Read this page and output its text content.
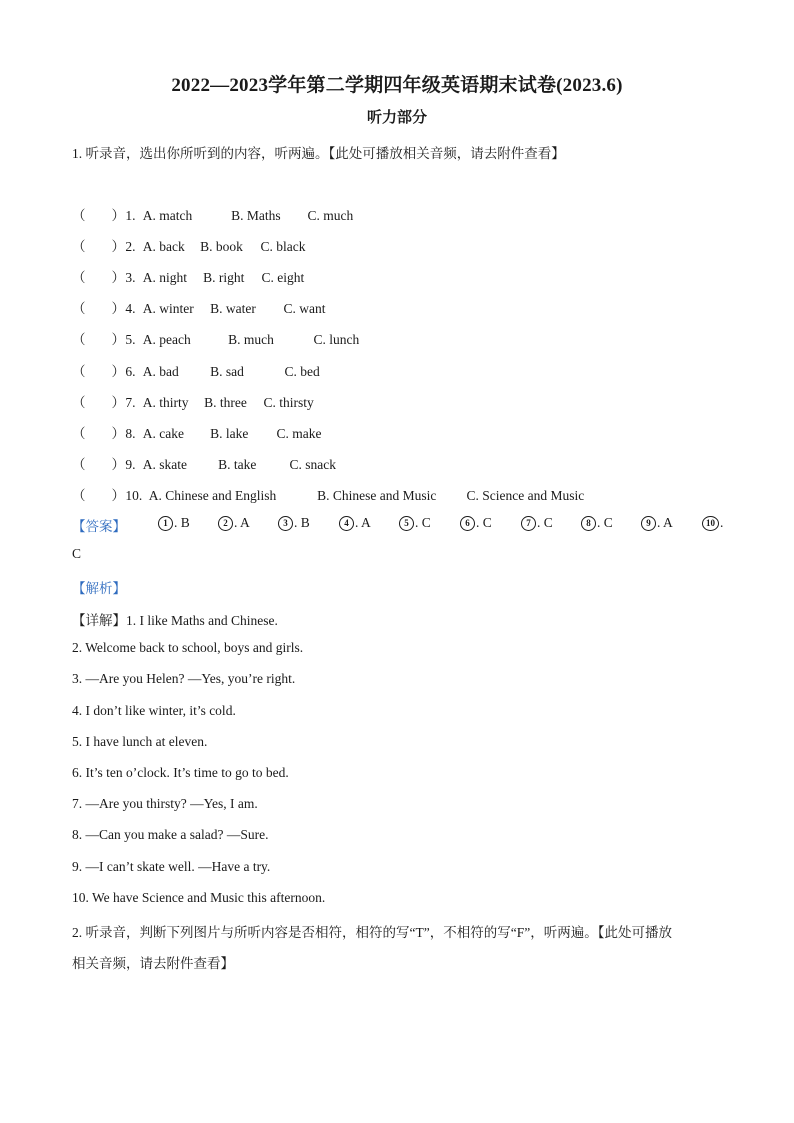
2022—2023学年第二学期四年级英语期末试卷(2023.6)
听力部分
1. 听录音，选出你所听到的内容，听两遍。【此处可播放相关音频，请去附件查看】
（ ） 1. A. match	B. Maths C. much
（ ） 2. A. back B. book C. black
（ ） 3. A. night B. right C. eight
（ ） 4. A. winter B. water C. want
（ ） 5. A. peach	B. much	C. lunch
（ ） 6. A. bad B. sad	C. bed
（ ） 7. A. thirty B. three C. thirsty
（ ） 8. A. cake B. lake C. make
（ ） 9. A. skate B. take C. snack
（ ） 10. A. Chinese and English	B. Chinese and Music C. Science and Music
【答案】	1 . B	2 . A	3 . B	4 . A	5 . C	6 . C	7 . C	8 . C	9 . A	10 .
C
【解析】
【详解】1. I like Maths and Chinese.
2. Welcome back to school, boys and girls.
3. —Are you Helen? —Yes, you’re right.
4. I don’t like winter, it’s cold.
5. I have lunch at eleven.
6. It’s ten o’clock. It’s time to go to bed.
7. —Are you thirsty? —Yes, I am.
8. —Can you make a salad? —Sure.
9. —I can’t skate well. —Have a try.
10. We have Science and Music this afternoon.
2. 听录音，判断下列图片与所听内容是否相符，相符的写“T”，不相符的写“F”，听两遍。【此处可播放
相关音频，请去附件查看】
